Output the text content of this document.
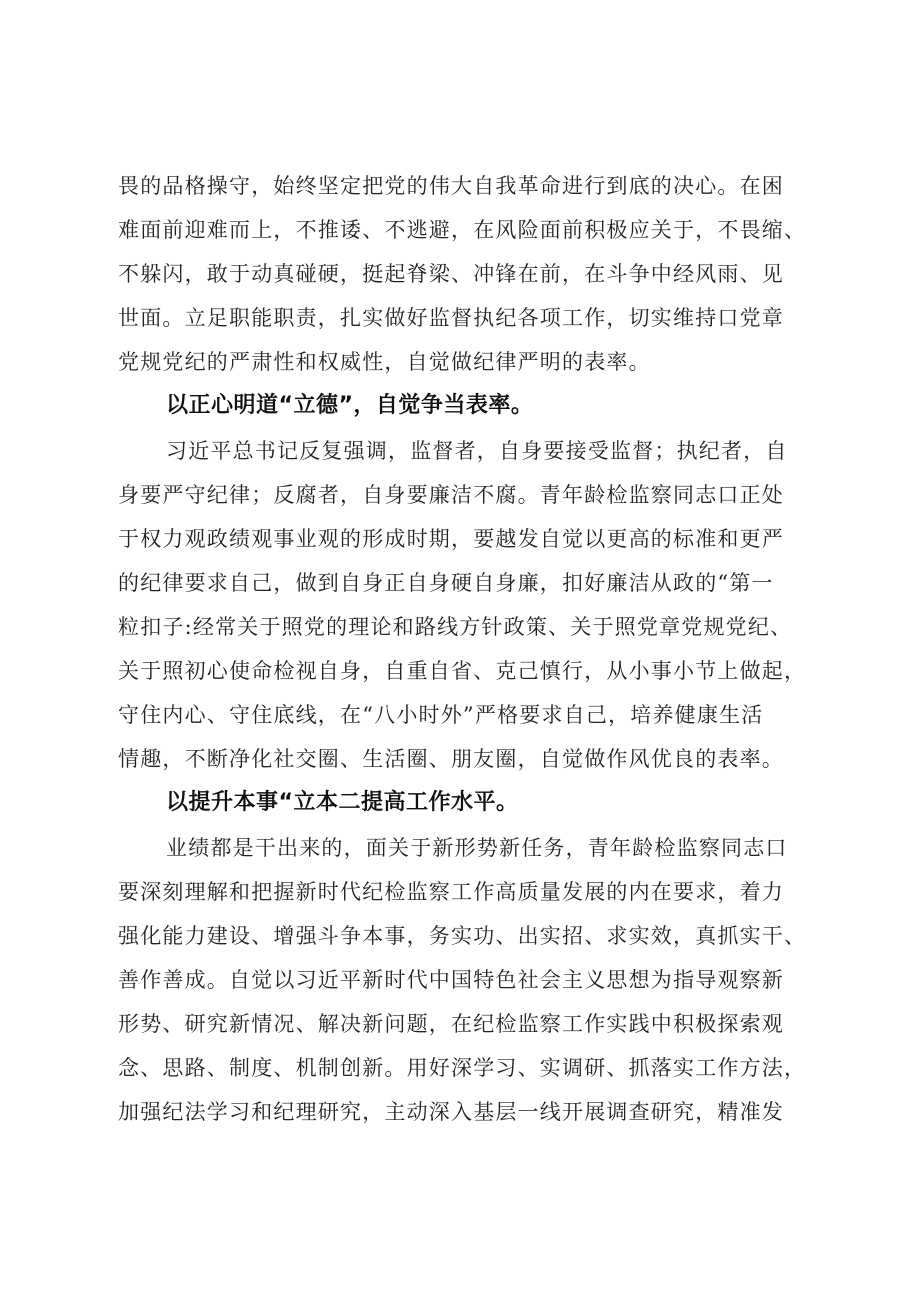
畏的品格操守，始终坚定把党的伟大自我革命进行到底的决心。在困
难面前迎难而上，不推诿、不逃避，在风险面前积极应关于，不畏缩、
不躲闪，敢于动真碰硬，挺起脊梁、冲锋在前，在斗争中经风雨、见
世面。立足职能职责，扎实做好监督执纪各项工作，切实维持口党章
党规党纪的严肃性和权威性，自觉做纪律严明的表率。
以正心明道“立德”，自觉争当表率。
习近平总书记反复强调，监督者，自身要接受监督；执纪者，自
身要严守纪律；反腐者，自身要廉洁不腐。青年龄检监察同志口正处
于权力观政绩观事业观的形成时期，要越发自觉以更高的标准和更严
的纪律要求自己，做到自身正自身硬自身廉，扣好廉洁从政的“第一
粒扣子:经常关于照党的理论和路线方针政策、关于照党章党规党纪、
关于照初心使命检视自身，自重自省、克己慎行，从小事小节上做起，
守住内心、守住底线，在“八小时外”严格要求自己，培养健康生活
情趣，不断净化社交圈、生活圈、朋友圈，自觉做作风优良的表率。
以提升本事“立本二提高工作水平。
业绩都是干出来的，面关于新形势新任务，青年龄检监察同志口
要深刻理解和把握新时代纪检监察工作高质量发展的内在要求，着力
强化能力建设、增强斗争本事，务实功、出实招、求实效，真抓实干、
善作善成。自觉以习近平新时代中国特色社会主义思想为指导观察新
形势、研究新情况、解决新问题，在纪检监察工作实践中积极探索观
念、思路、制度、机制创新。用好深学习、实调研、抓落实工作方法，
加强纪法学习和纪理研究，主动深入基层一线开展调查研究，精准发
